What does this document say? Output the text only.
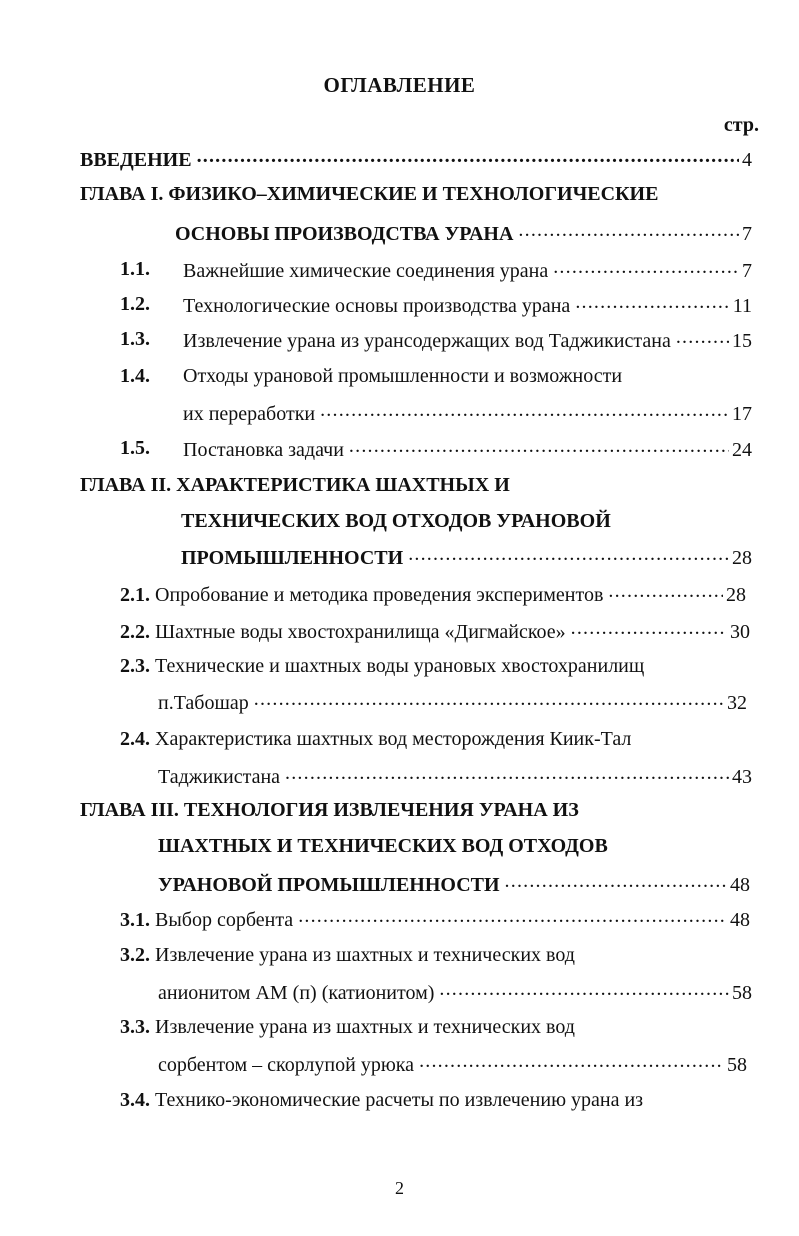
ОГЛАВЛЕНИЕ
стр.
ВВЕДЕНИЕ .....	4
ГЛАВА I. ФИЗИКО–ХИМИЧЕСКИЕ И ТЕХНОЛОГИЧЕСКИЕ
ОСНОВЫ ПРОИЗВОДСТВА УРАНА .....	7
1.1. Важнейшие химические соединения урана .....	7
1.2. Технологические основы производства урана .....	11
1.3. Извлечение урана из урансодержащих вод Таджикистана .....	15
1.4. Отходы урановой промышленности и возможности
их переработки .....	17
1.5. Постановка задачи .....	24
ГЛАВА II. ХАРАКТЕРИСТИКА ШАХТНЫХ И
ТЕХНИЧЕСКИХ ВОД ОТХОДОВ УРАНОВОЙ
ПРОМЫШЛЕННОСТИ .....	28
2.1. Опробование и методика проведения экспериментов .....	28
2.2. Шахтные воды хвостохранилища «Дигмайское» .....	30
2.3. Технические и шахтных воды урановых хвостохранилищ
п.Табошар .....	32
2.4. Характеристика шахтных вод месторождения Киик-Тал
Таджикистана .....	43
ГЛАВА III. ТЕХНОЛОГИЯ ИЗВЛЕЧЕНИЯ УРАНА ИЗ
ШАХТНЫХ И ТЕХНИЧЕСКИХ ВОД ОТХОДОВ
УРАНОВОЙ ПРОМЫШЛЕННОСТИ .....	48
3.1. Выбор сорбента .....	48
3.2. Извлечение урана из шахтных и технических вод
анионитом АМ (п) (катионитом) .....	58
3.3. Извлечение урана из шахтных и технических вод
сорбентом – скорлупой урюка .....	58
3.4. Технико-экономические расчеты по извлечению урана из
2
